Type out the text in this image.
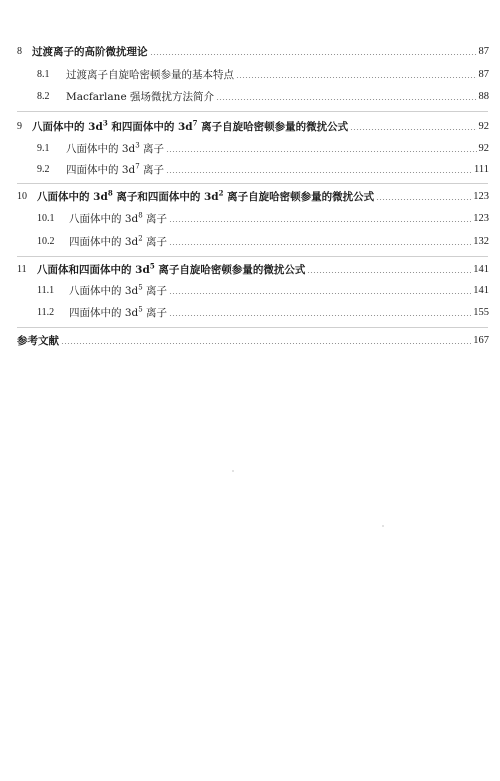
8 过渡离子的高阶微扰理论	87
8.1	过渡离子自旋哈密顿参量的基本特点	87
8.2	Macfarlane 强场微扰方法简介	88
9 八面体中的 $3d^3$ 和四面体中的 $3d^7$ 离子自旋哈密顿参量的微扰公式	92
9.1	八面体中的 $3d^3$ 离子	92
9.2	四面体中的 $3d^7$ 离子	111
10 八面体中的 $3d^8$ 离子和四面体中的 $3d^2$ 离子自旋哈密顿参量的微扰公式	123
10.1	八面体中的 $3d^8$ 离子	123
10.2	四面体中的 $3d^2$ 离子	132
11 八面体和四面体中的 $3d^5$ 离子自旋哈密顿参量的微扰公式	141
11.1	八面体中的 $3d^5$ 离子	141
11.2	四面体中的 $3d^5$ 离子	155
参考文献	167
